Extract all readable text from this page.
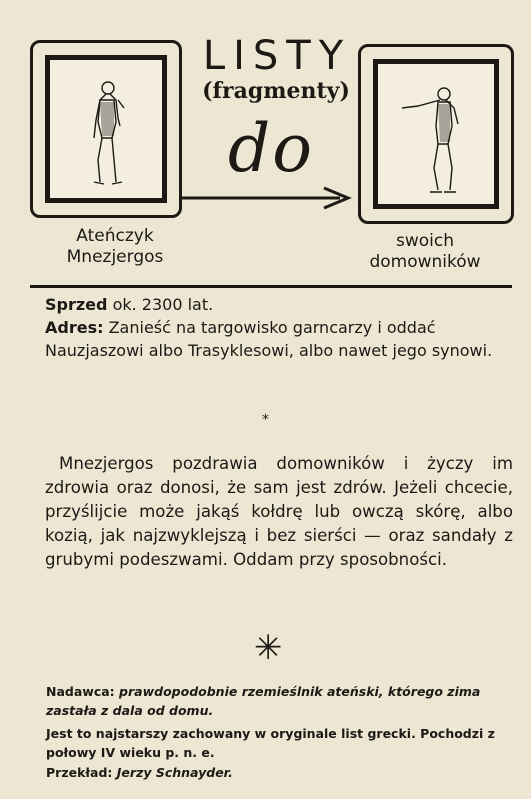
LISTY
(fragmenty)
do
Ateńczyk
Mnezjergos
swoich
domowników
Sprzed ok. 2300 lat.
Adres: Zanieść na targowisko garncarzy i oddać Nauzjaszowi albo Trasyklesowi, albo nawet jego synowi.
*
Mnezjergos pozdrawia domowników i życzy im zdrowia oraz donosi, że sam jest zdrów. Jeżeli chcecie, przyślijcie może jakąś kołdrę lub owczą skórę, albo kozią, jak najzwyklejszą i bez sierści — oraz sandały z grubymi podeszwami. Oddam przy sposobności.
✳
Nadawca: prawdopodobnie rzemieślnik ateński, którego zima zastała z dala od domu.
Jest to najstarszy zachowany w oryginale list grecki. Pochodzi z połowy IV wieku p. n. e.
Przekład: Jerzy Schnayder.
